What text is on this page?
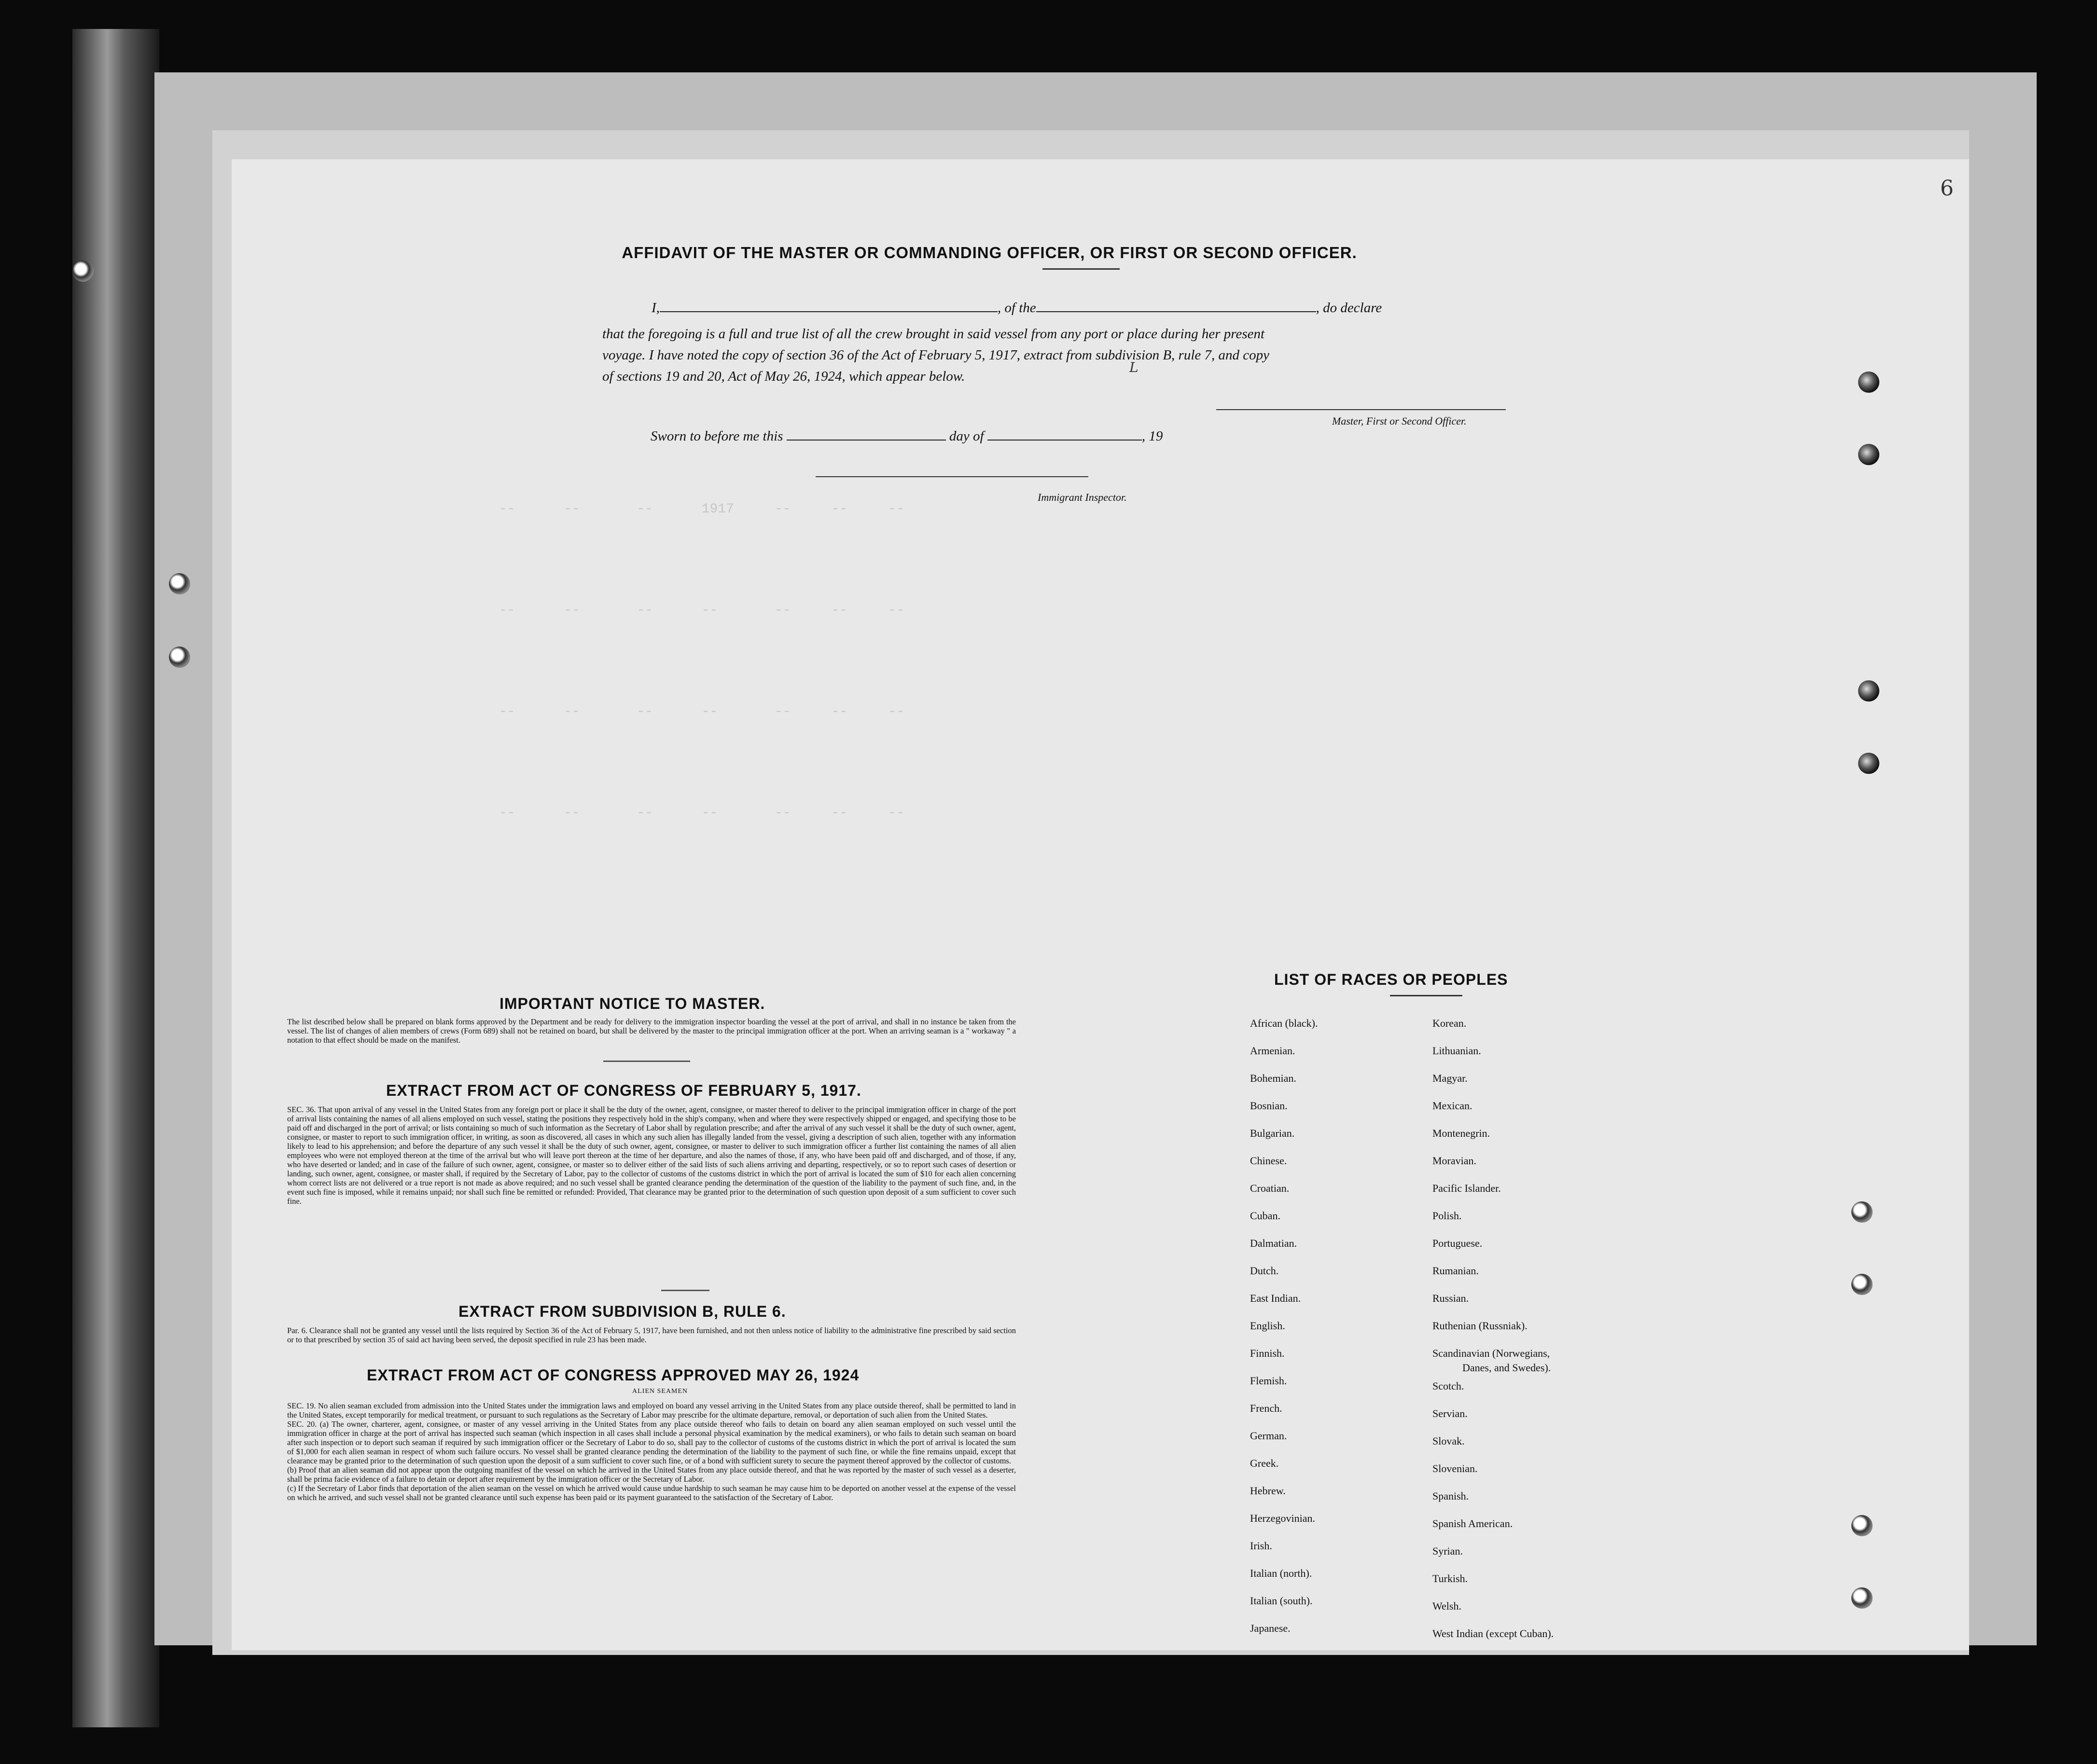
‑‑      ‑‑       ‑‑      1917     ‑‑     ‑‑     ‑‑
‑‑      ‑‑       ‑‑      ‑‑       ‑‑     ‑‑     ‑‑
‑‑      ‑‑       ‑‑      ‑‑       ‑‑     ‑‑     ‑‑
‑‑      ‑‑       ‑‑      ‑‑       ‑‑     ‑‑     ‑‑
6
L
AFFIDAVIT OF THE MASTER OR COMMANDING OFFICER, OR FIRST OR SECOND OFFICER.
I,	, of the	, do declare
that the foregoing is a full and true list of all the crew brought in said vessel from any port or place during her present
voyage. I have noted the copy of section 36 of the Act of February 5, 1917, extract from subdivision B, rule 7, and copy
of sections 19 and 20, Act of May 26, 1924, which appear below.
Master, First or Second Officer.
Sworn to before me this	day of	, 19
Immigrant Inspector.
IMPORTANT NOTICE TO MASTER.
The list described below shall be prepared on blank forms approved by the Department and be ready for delivery to the immigration inspector boarding the vessel at the port of arrival, and shall in no instance be taken from the vessel. The list of changes of alien members of crews (Form 689) shall not be retained on board, but shall be delivered by the master to the principal immigration officer at the port. When an arriving seaman is a " workaway " a notation to that effect should be made on the manifest.
EXTRACT FROM ACT OF CONGRESS OF FEBRUARY 5, 1917.
SEC. 36. That upon arrival of any vessel in the United States from any foreign port or place it shall be the duty of the owner, agent, consignee, or master thereof to deliver to the principal immigration officer in charge of the port of arrival lists containing the names of all aliens employed on such vessel, stating the positions they respectively hold in the ship's company, when and where they were respectively shipped or engaged, and specifying those to be paid off and discharged in the port of arrival; or lists containing so much of such information as the Secretary of Labor shall by regulation prescribe; and after the arrival of any such vessel it shall be the duty of such owner, agent, consignee, or master to report to such immigration officer, in writing, as soon as discovered, all cases in which any such alien has illegally landed from the vessel, giving a description of such alien, together with any information likely to lead to his apprehension; and before the departure of any such vessel it shall be the duty of such owner, agent, consignee, or master to deliver to such immigration officer a further list containing the names of all alien employees who were not employed thereon at the time of the arrival but who will leave port thereon at the time of her departure, and also the names of those, if any, who have been paid off and discharged, and of those, if any, who have deserted or landed; and in case of the failure of such owner, agent, consignee, or master so to deliver either of the said lists of such aliens arriving and departing, respectively, or so to report such cases of desertion or landing, such owner, agent, consignee, or master shall, if required by the Secretary of Labor, pay to the collector of customs of the customs district in which the port of arrival is located the sum of $10 for each alien concerning whom correct lists are not delivered or a true report is not made as above required; and no such vessel shall be granted clearance pending the determination of the question of the liability to the payment of such fine, and, in the event such fine is imposed, while it remains unpaid; nor shall such fine be remitted or refunded: Provided, That clearance may be granted prior to the determination of such question upon deposit of a sum sufficient to cover such fine.
EXTRACT FROM SUBDIVISION B, RULE 6.
Par. 6. Clearance shall not be granted any vessel until the lists required by Section 36 of the Act of February 5, 1917, have been furnished, and not then unless notice of liability to the administrative fine prescribed by said section or to that prescribed by section 35 of said act having been served, the deposit specified in rule 23 has been made.
EXTRACT FROM ACT OF CONGRESS APPROVED MAY 26, 1924
ALIEN SEAMEN

SEC. 19. No alien seaman excluded from admission into the United States under the immigration laws and employed on board any vessel arriving in the United States from any place outside thereof, shall be permitted to land in the United States, except temporarily for medical treatment, or pursuant to such regulations as the Secretary of Labor may prescribe for the ultimate departure, removal, or deportation of such alien from the United States.

SEC. 20. (a) The owner, charterer, agent, consignee, or master of any vessel arriving in the United States from any place outside thereof who fails to detain on board any alien seaman employed on such vessel until the immigration officer in charge at the port of arrival has inspected such seaman (which inspection in all cases shall include a personal physical examination by the medical examiners), or who fails to detain such seaman on board after such inspection or to deport such seaman if required by such immigration officer or the Secretary of Labor to do so, shall pay to the collector of customs of the customs district in which the port of arrival is located the sum of $1,000 for each alien seaman in respect of whom such failure occurs. No vessel shall be granted clearance pending the determination of the liability to the payment of such fine, or while the fine remains unpaid, except that clearance may be granted prior to the determination of such question upon the deposit of a sum sufficient to cover such fine, or of a bond with sufficient surety to secure the payment thereof approved by the collector of customs.

(b) Proof that an alien seaman did not appear upon the outgoing manifest of the vessel on which he arrived in the United States from any place outside thereof, and that he was reported by the master of such vessel as a deserter, shall be prima facie evidence of a failure to detain or deport after requirement by the immigration officer or the Secretary of Labor.

(c) If the Secretary of Labor finds that deportation of the alien seaman on the vessel on which he arrived would cause undue hardship to such seaman he may cause him to be deported on another vessel at the expense of the vessel on which he arrived, and such vessel shall not be granted clearance until such expense has been paid or its payment guaranteed to the satisfaction of the Secretary of Labor.

LIST OF RACES OR PEOPLES
African (black).
Armenian.
Bohemian.
Bosnian.
Bulgarian.
Chinese.
Croatian.
Cuban.
Dalmatian.
Dutch.
East Indian.
English.
Finnish.
Flemish.
French.
German.
Greek.
Hebrew.
Herzegovinian.
Irish.
Italian (north).
Italian (south).
Japanese.
Korean.
Lithuanian.
Magyar.
Mexican.
Montenegrin.
Moravian.
Pacific Islander.
Polish.
Portuguese.
Rumanian.
Russian.
Ruthenian (Russniak).
Scandinavian (Norwegians,
Danes, and Swedes).
Scotch.
Servian.
Slovak.
Slovenian.
Spanish.
Spanish American.
Syrian.
Turkish.
Welsh.
West Indian (except Cuban).
